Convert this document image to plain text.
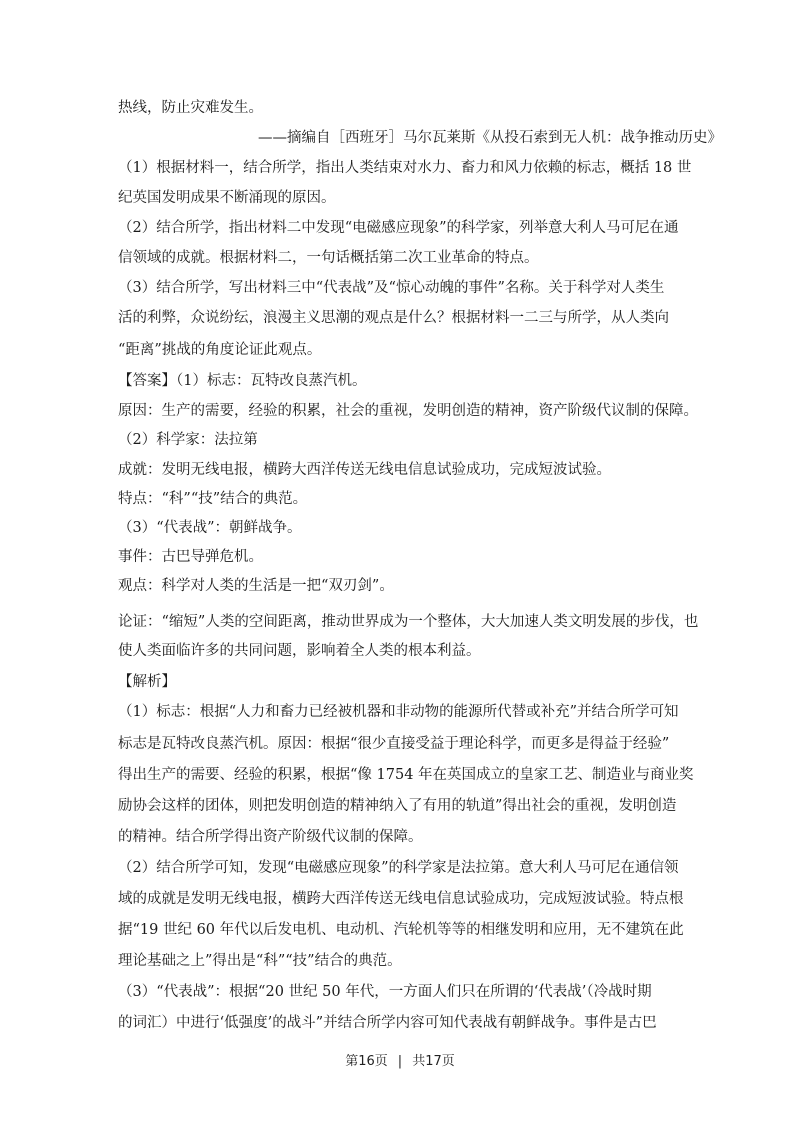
热线，防止灾难发生。
——摘编自［西班牙］马尔瓦莱斯《从投石索到无人机：战争推动历史》
（1）根据材料一，结合所学，指出人类结束对水力、畜力和风力依赖的标志，概括 18 世
纪英国发明成果不断涌现的原因。
（2）结合所学，指出材料二中发现“电磁感应现象”的科学家，列举意大利人马可尼在通
信领域的成就。根据材料二，一句话概括第二次工业革命的特点。
（3）结合所学，写出材料三中“代表战”及“惊心动魄的事件”名称。关于科学对人类生
活的利弊，众说纷纭，浪漫主义思潮的观点是什么？根据材料一二三与所学，从人类向
“距离”挑战的角度论证此观点。
【答案】（1）标志：瓦特改良蒸汽机。
原因：生产的需要，经验的积累，社会的重视，发明创造的精神，资产阶级代议制的保障。
（2）科学家：法拉第
成就：发明无线电报，横跨大西洋传送无线电信息试验成功，完成短波试验。
特点：“科”“技”结合的典范。
（3）“代表战”：朝鲜战争。
事件：古巴导弹危机。
观点：科学对人类的生活是一把“双刃剑”。
论证：“缩短”人类的空间距离，推动世界成为一个整体，大大加速人类文明发展的步伐，也
使人类面临许多的共同问题，影响着全人类的根本利益。
【解析】
（1）标志：根据“人力和畜力已经被机器和非动物的能源所代替或补充”并结合所学可知
标志是瓦特改良蒸汽机。原因：根据“很少直接受益于理论科学，而更多是得益于经验”
得出生产的需要、经验的积累，根据“像 1754 年在英国成立的皇家工艺、制造业与商业奖
励协会这样的团体，则把发明创造的精神纳入了有用的轨道”得出社会的重视，发明创造
的精神。结合所学得出资产阶级代议制的保障。
（2）结合所学可知，发现“电磁感应现象”的科学家是法拉第。意大利人马可尼在通信领
域的成就是发明无线电报，横跨大西洋传送无线电信息试验成功，完成短波试验。特点根
据“19 世纪 60 年代以后发电机、电动机、汽轮机等等的相继发明和应用，无不建筑在此
理论基础之上”得出是“科”“技”结合的典范。
（3）“代表战”：根据“20 世纪 50 年代，一方面人们只在所谓的‘代表战’（冷战时期
的词汇）中进行‘低强度’的战斗”并结合所学内容可知代表战有朝鲜战争。事件是古巴
第16页 | 共17页
